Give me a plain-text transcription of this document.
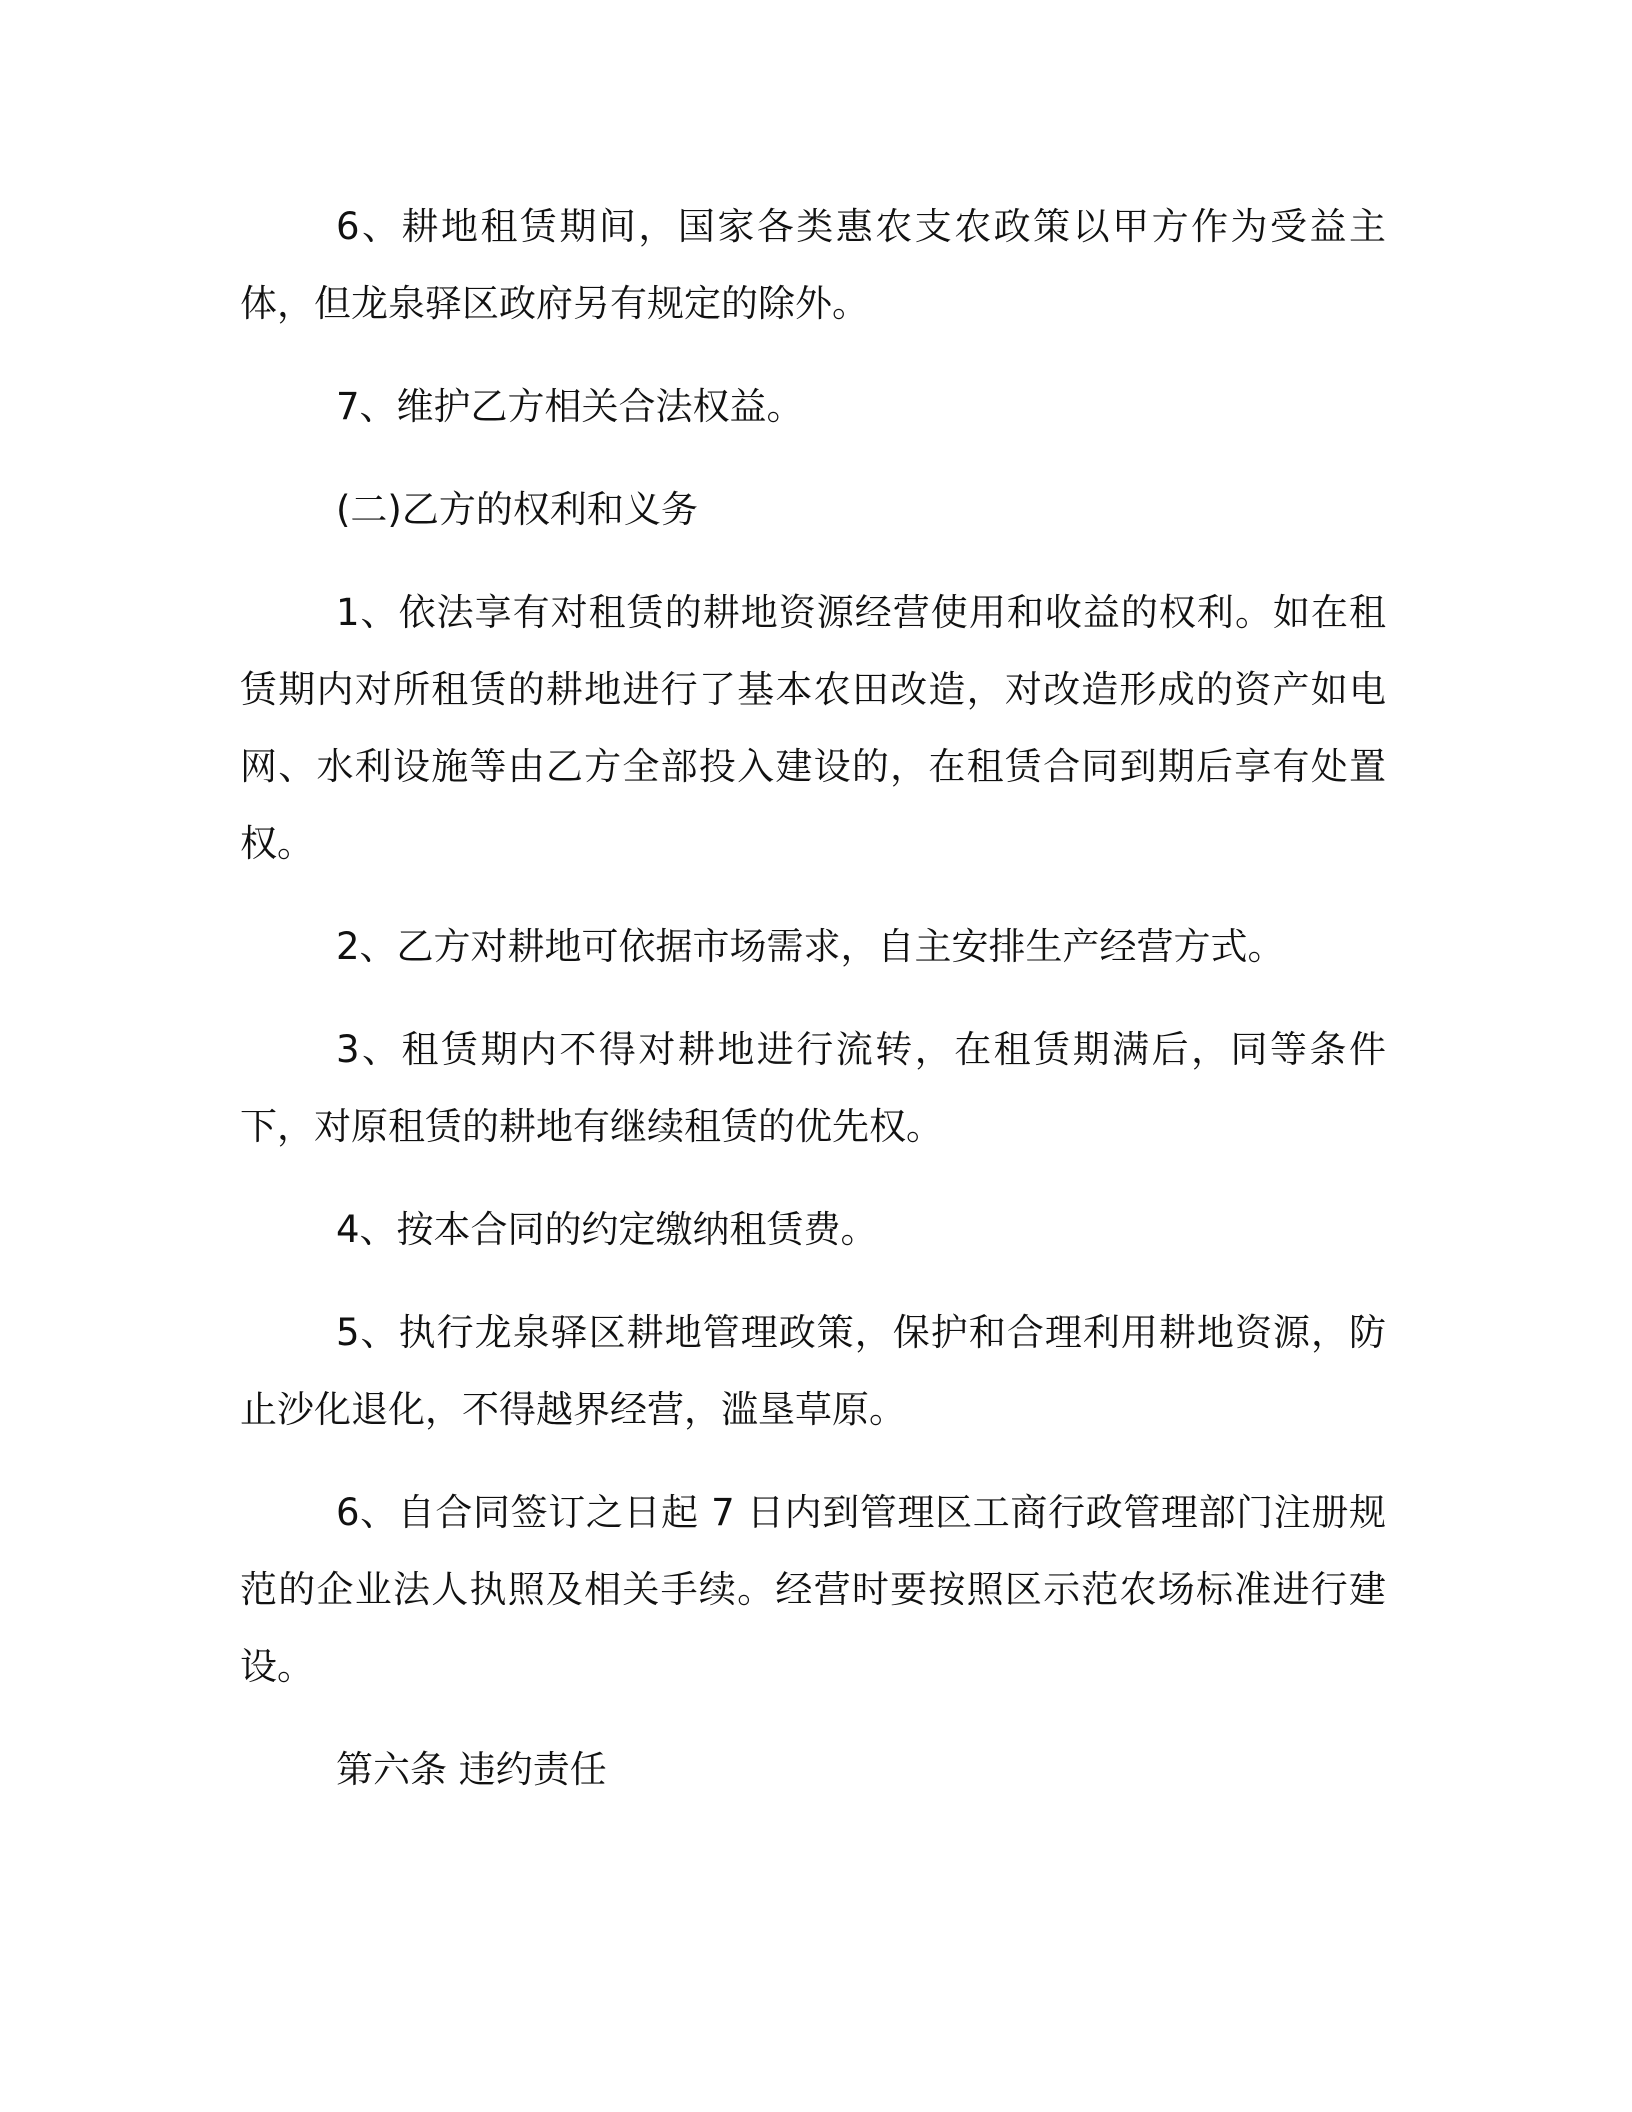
6、耕地租赁期间，国家各类惠农支农政策以甲方作为受益主体，但龙泉驿区政府另有规定的除外。

7、维护乙方相关合法权益。

(二)乙方的权利和义务

1、依法享有对租赁的耕地资源经营使用和收益的权利。如在租赁期内对所租赁的耕地进行了基本农田改造，对改造形成的资产如电网、水利设施等由乙方全部投入建设的，在租赁合同到期后享有处置权。

2、乙方对耕地可依据市场需求，自主安排生产经营方式。

3、租赁期内不得对耕地进行流转，在租赁期满后，同等条件下，对原租赁的耕地有继续租赁的优先权。

4、按本合同的约定缴纳租赁费。

5、执行龙泉驿区耕地管理政策，保护和合理利用耕地资源，防止沙化退化，不得越界经营，滥垦草原。

6、自合同签订之日起 7 日内到管理区工商行政管理部门注册规范的企业法人执照及相关手续。经营时要按照区示范农场标准进行建设。

第六条 违约责任
